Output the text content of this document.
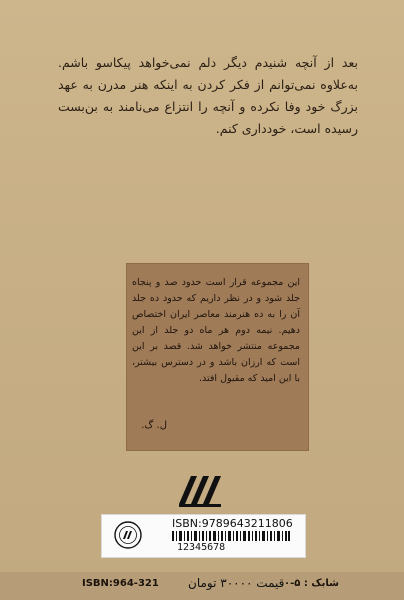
بعد از آنچه شنیدم دیگر دلم نمی‌خواهد پیکاسو باشم. به‌علاوه نمی‌توانم از فکر کردن به اینکه هنر مدرن به عهد بزرگ خود وفا نکرده و آنچه را انتزاع می‌نامند به بن‌بست رسیده است، خودداری کنم.
این مجموعه قرار است حدود صد و پنجاه جلد شود و در نظر داریم که حدود ده جلد آن را به ده هنرمند معاصر ایران اختصاص دهیم. نیمه دوم هر ماه دو جلد از این مجموعه منتشر خواهد شد. قصد بر این است که ارزان باشد و در دسترس بیشتر، با این امید که مقبول افتد.
ل. گ.
ISBN:9789643211806
12345678
ISBN:964-321 قیمت ۳۰۰۰۰ تومان شابک : ۵-۰
